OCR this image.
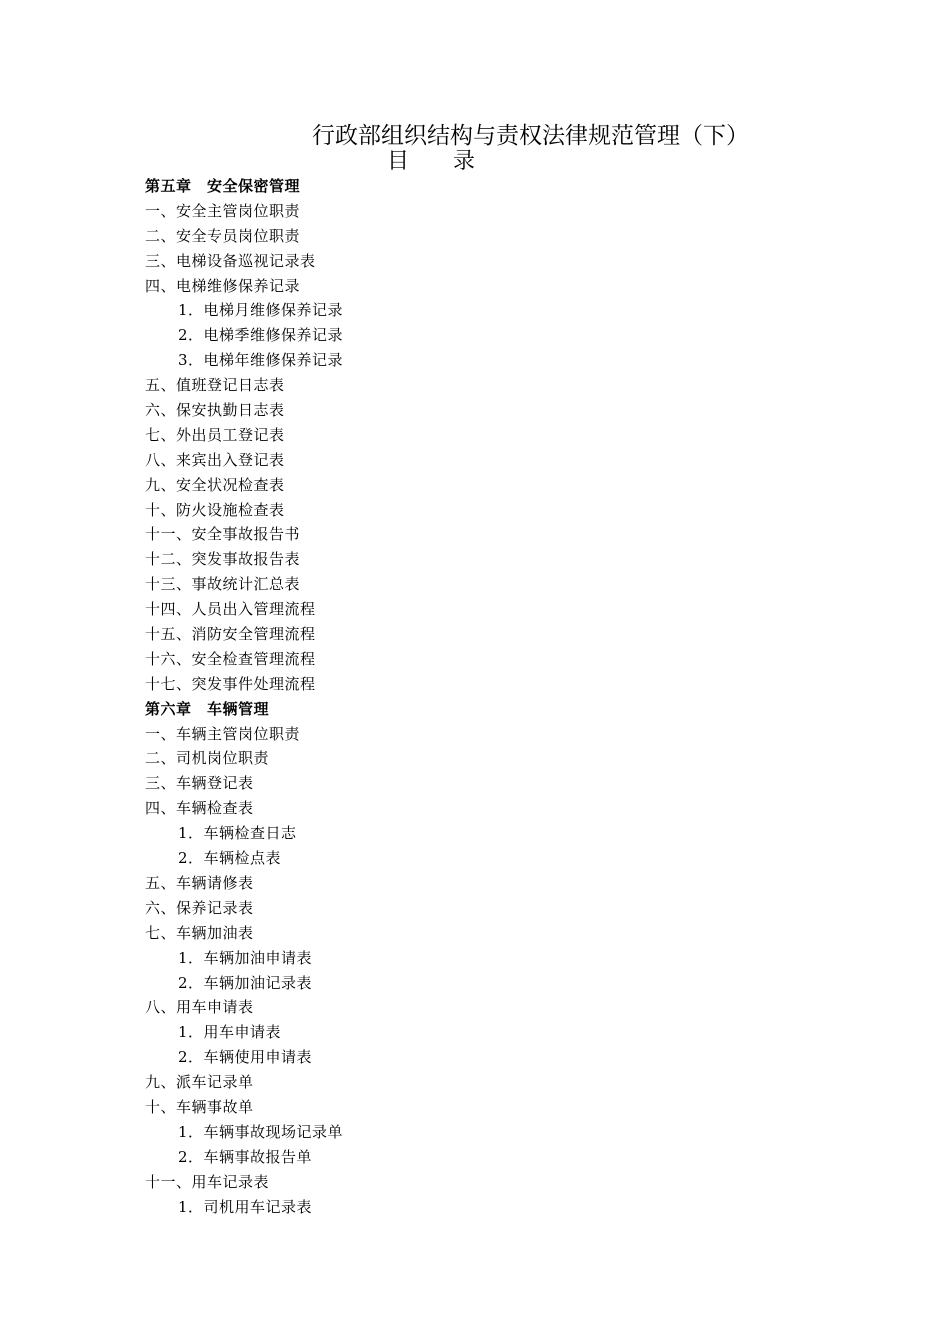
行政部组织结构与责权法律规范管理（下）
目　　录
第五章　安全保密管理
一、安全主管岗位职责
二、安全专员岗位职责
三、电梯设备巡视记录表
四、电梯维修保养记录
1．电梯月维修保养记录
2．电梯季维修保养记录
3．电梯年维修保养记录
五、值班登记日志表
六、保安执勤日志表
七、外出员工登记表
八、来宾出入登记表
九、安全状况检查表
十、防火设施检查表
十一、安全事故报告书
十二、突发事故报告表
十三、事故统计汇总表
十四、人员出入管理流程
十五、消防安全管理流程
十六、安全检查管理流程
十七、突发事件处理流程
第六章　车辆管理
一、车辆主管岗位职责
二、司机岗位职责
三、车辆登记表
四、车辆检查表
1．车辆检查日志
2．车辆检点表
五、车辆请修表
六、保养记录表
七、车辆加油表
1．车辆加油申请表
2．车辆加油记录表
八、用车申请表
1．用车申请表
2．车辆使用申请表
九、派车记录单
十、车辆事故单
1．车辆事故现场记录单
2．车辆事故报告单
十一、用车记录表
1．司机用车记录表
